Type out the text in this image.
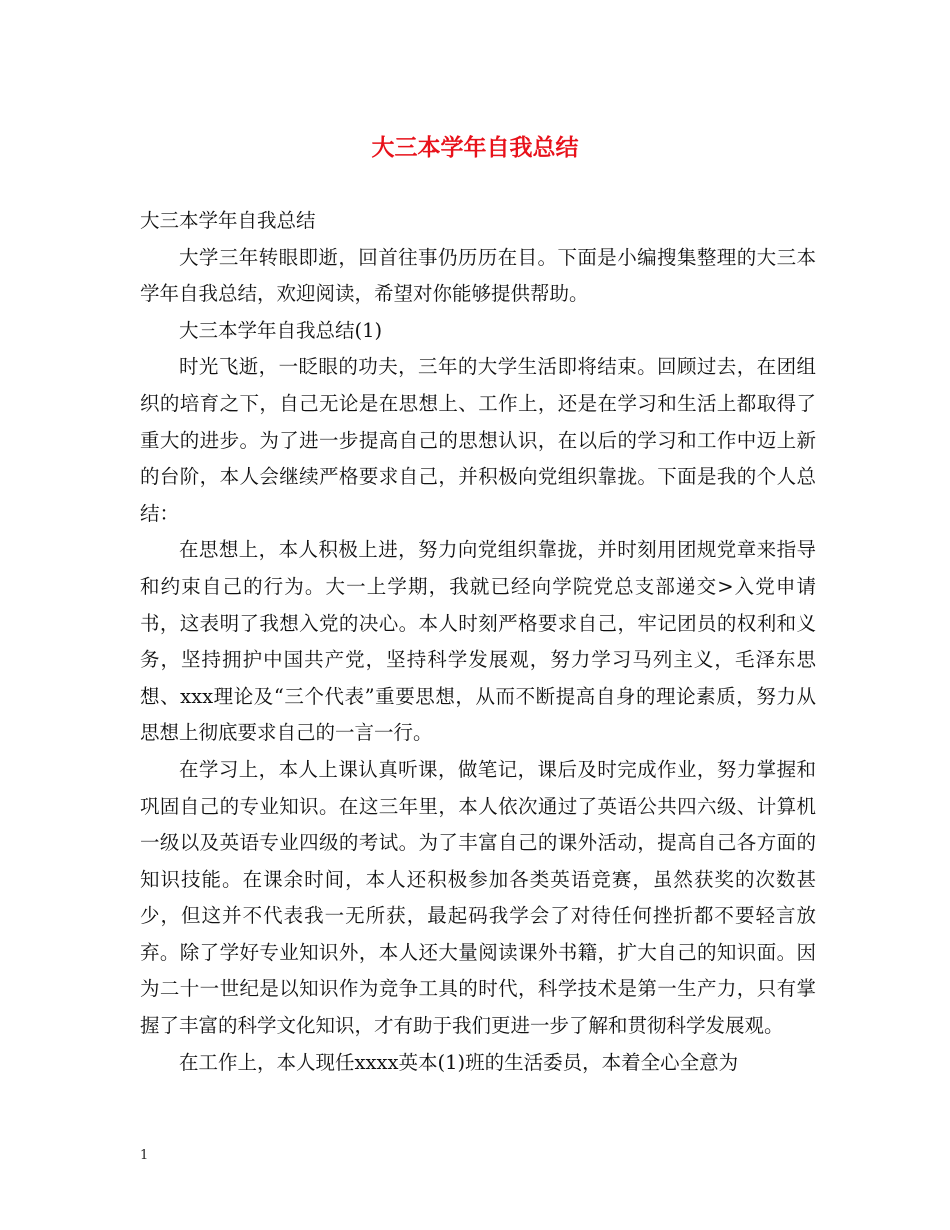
大三本学年自我总结

大三本学年自我总结

大学三年转眼即逝，回首往事仍历历在目。下面是小编搜集整理的大三本学年自我总结，欢迎阅读，希望对你能够提供帮助。

大三本学年自我总结(1)

时光飞逝，一眨眼的功夫，三年的大学生活即将结束。回顾过去，在团组织的培育之下，自己无论是在思想上、工作上，还是在学习和生活上都取得了重大的进步。为了进一步提高自己的思想认识，在以后的学习和工作中迈上新的台阶，本人会继续严格要求自己，并积极向党组织靠拢。下面是我的个人总结：

在思想上，本人积极上进，努力向党组织靠拢，并时刻用团规党章来指导和约束自己的行为。大一上学期，我就已经向学院党总支部递交>入党申请书，这表明了我想入党的决心。本人时刻严格要求自己，牢记团员的权利和义务，坚持拥护中国共产党，坚持科学发展观，努力学习马列主义，毛泽东思想、xxx理论及“三个代表”重要思想，从而不断提高自身的理论素质，努力从思想上彻底要求自己的一言一行。

在学习上，本人上课认真听课，做笔记，课后及时完成作业，努力掌握和巩固自己的专业知识。在这三年里，本人依次通过了英语公共四六级、计算机一级以及英语专业四级的考试。为了丰富自己的课外活动，提高自己各方面的知识技能。在课余时间，本人还积极参加各类英语竞赛，虽然获奖的次数甚少，但这并不代表我一无所获，最起码我学会了对待任何挫折都不要轻言放弃。除了学好专业知识外，本人还大量阅读课外书籍，扩大自己的知识面。因为二十一世纪是以知识作为竞争工具的时代，科学技术是第一生产力，只有掌握了丰富的科学文化知识，才有助于我们更进一步了解和贯彻科学发展观。

在工作上，本人现任xxxx英本(1)班的生活委员，本着全心全意为

1
